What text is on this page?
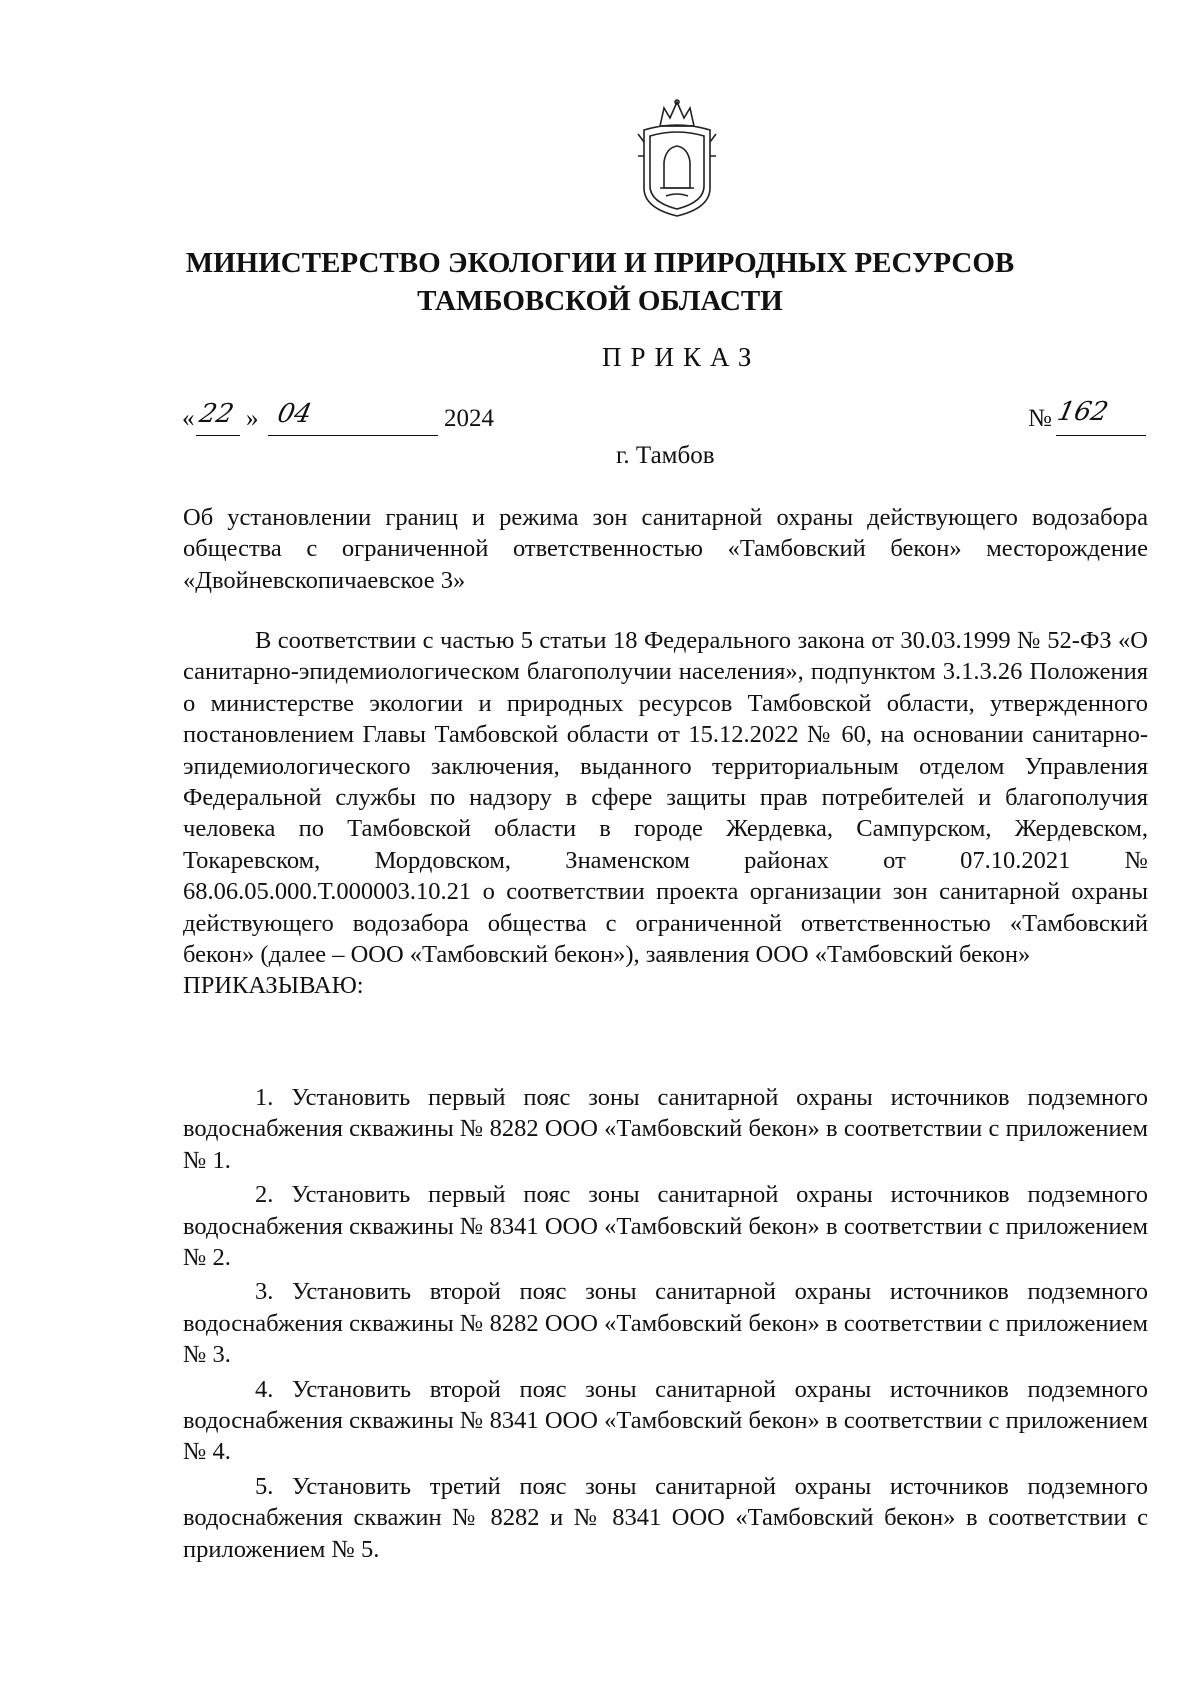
МИНИСТЕРСТВО ЭКОЛОГИИ И ПРИРОДНЫХ РЕСУРСОВ
ТАМБОВСКОЙ ОБЛАСТИ
ПРИКАЗ
« 22 » 04	2024	№ 162
г. Тамбов

Об установлении границ и режима зон санитарной охраны действующего водозабора общества с ограниченной ответственностью «Тамбовский бекон» месторождение «Двойневскопичаевское 3»

В соответствии с частью 5 статьи 18 Федерального закона от 30.03.1999 № 52-ФЗ «О санитарно-эпидемиологическом благополучии населения», подпунктом 3.1.3.26 Положения о министерстве экологии и природных ресурсов Тамбовской области, утвержденного постановлением Главы Тамбовской области от 15.12.2022 № 60, на основании санитарно-эпидемиологического заключения, выданного территориальным отделом Управления Федеральной службы по надзору в сфере защиты прав потребителей и благополучия человека по Тамбовской области в городе Жердевка, Сампурском, Жердевском, Токаревском, Мордовском, Знаменском районах от 07.10.2021 № 68.06.05.000.Т.000003.10.21 о соответствии проекта организации зон санитарной охраны действующего водозабора общества с ограниченной ответственностью «Тамбовский бекон» (далее – ООО «Тамбовский бекон»), заявления ООО «Тамбовский бекон»

ПРИКАЗЫВАЮ:

1. Установить первый пояс зоны санитарной охраны источников подземного водоснабжения скважины № 8282 ООО «Тамбовский бекон» в соответствии с приложением № 1.

2. Установить первый пояс зоны санитарной охраны источников подземного водоснабжения скважины № 8341 ООО «Тамбовский бекон» в соответствии с приложением № 2.

3. Установить второй пояс зоны санитарной охраны источников подземного водоснабжения скважины № 8282 ООО «Тамбовский бекон» в соответствии с приложением № 3.

4. Установить второй пояс зоны санитарной охраны источников подземного водоснабжения скважины № 8341 ООО «Тамбовский бекон» в соответствии с приложением № 4.

5. Установить третий пояс зоны санитарной охраны источников подземного водоснабжения скважин № 8282 и № 8341 ООО «Тамбовский бекон» в соответствии с приложением № 5.
